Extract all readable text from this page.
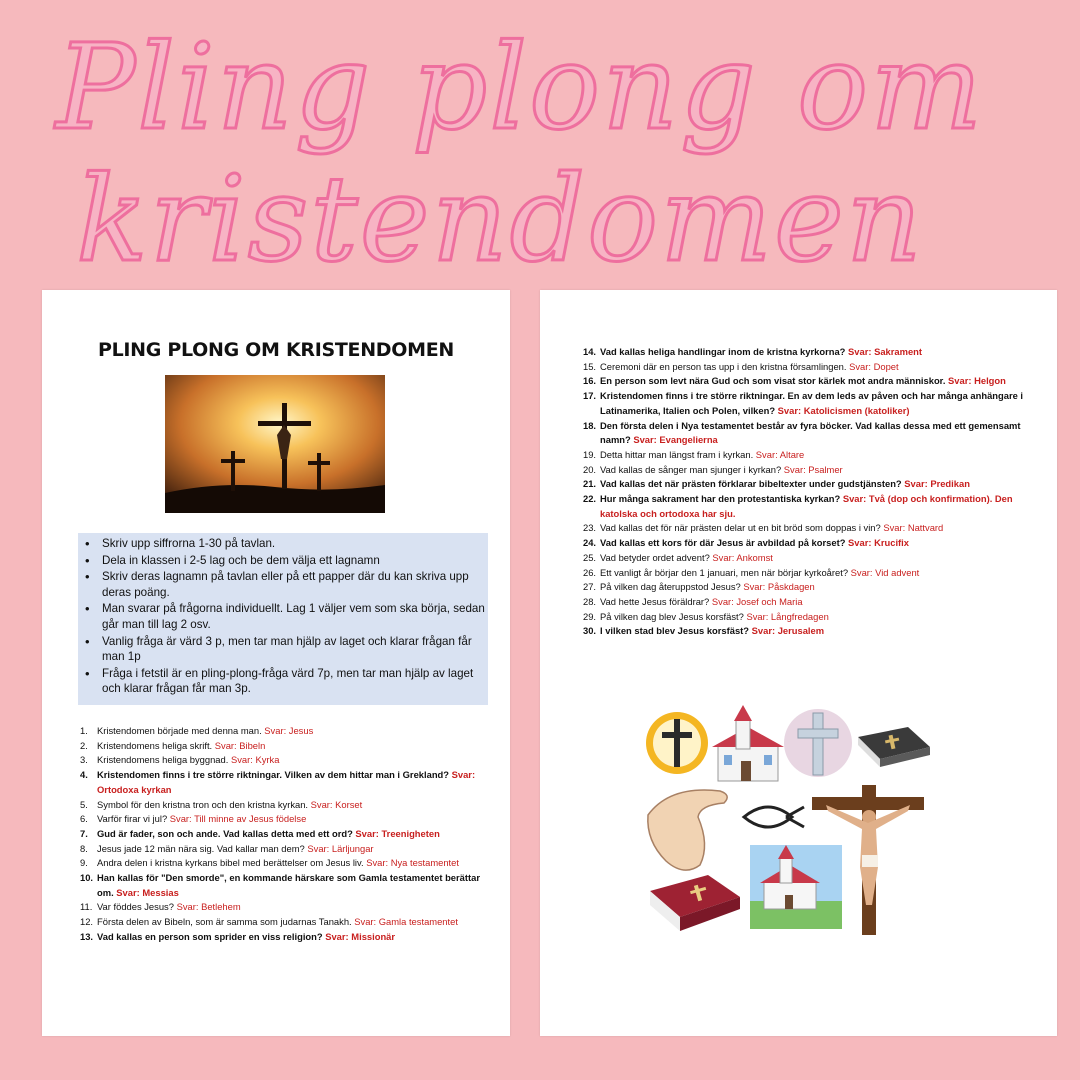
Pling plong om
kristendomen
PLING PLONG OM KRISTENDOMEN
• Skriv upp siffrorna 1-30 på tavlan.
• Dela in klassen i 2-5 lag och be dem välja ett lagnamn
• Skriv deras lagnamn på tavlan eller på ett papper där du kan skriva upp deras poäng.
• Man svarar på frågorna individuellt. Lag 1 väljer vem som ska börja, sedan går man till lag 2 osv.
• Vanlig fråga är värd 3 p, men tar man hjälp av laget och klarar frågan får man 1p
• Fråga i fetstil är en pling-plong-fråga värd 7p, men tar man hjälp av laget och klarar frågan får man 3p.
1. Kristendomen började med denna man. Svar: Jesus
2. Kristendomens heliga skrift. Svar: Bibeln
3. Kristendomens heliga byggnad. Svar: Kyrka
4. Kristendomen finns i tre större riktningar. Vilken av dem hittar man i Grekland? Svar: Ortodoxa kyrkan
5. Symbol för den kristna tron och den kristna kyrkan. Svar: Korset
6. Varför firar vi jul? Svar: Till minne av Jesus födelse
7. Gud är fader, son och ande. Vad kallas detta med ett ord? Svar: Treenigheten
8. Jesus jade 12 män nära sig. Vad kallar man dem? Svar: Lärljungar
9. Andra delen i kristna kyrkans bibel med berättelser om Jesus liv. Svar: Nya testamentet
10. Han kallas för "Den smorde", en kommande härskare som Gamla testamentet berättar om. Svar: Messias
11. Var föddes Jesus? Svar: Betlehem
12. Första delen av Bibeln, som är samma som judarnas Tanakh. Svar: Gamla testamentet
13. Vad kallas en person som sprider en viss religion? Svar: Missionär
14. Vad kallas heliga handlingar inom de kristna kyrkorna? Svar: Sakrament
15. Ceremoni där en person tas upp i den kristna församlingen. Svar: Dopet
16. En person som levt nära Gud och som visat stor kärlek mot andra människor. Svar: Helgon
17. Kristendomen finns i tre större riktningar. En av dem leds av påven och har många anhängare i Latinamerika, Italien och Polen, vilken? Svar: Katolicismen (katoliker)
18. Den första delen i Nya testamentet består av fyra böcker. Vad kallas dessa med ett gemensamt namn? Svar: Evangelierna
19. Detta hittar man längst fram i kyrkan. Svar: Altare
20. Vad kallas de sånger man sjunger i kyrkan? Svar: Psalmer
21. Vad kallas det när prästen förklarar bibeltexter under gudstjänsten? Svar: Predikan
22. Hur många sakrament har den protestantiska kyrkan? Svar: Två (dop och konfirmation). Den katolska och ortodoxa har sju.
23. Vad kallas det för när prästen delar ut en bit bröd som doppas i vin? Svar: Nattvard
24. Vad kallas ett kors för där Jesus är avbildad på korset? Svar: Krucifix
25. Vad betyder ordet advent? Svar: Ankomst
26. Ett vanligt år börjar den 1 januari, men när börjar kyrkoåret? Svar: Vid advent
27. På vilken dag återuppstod Jesus? Svar: Påskdagen
28. Vad hette Jesus föräldrar? Svar: Josef och Maria
29. På vilken dag blev Jesus korsfäst? Svar: Långfredagen
30. I vilken stad blev Jesus korsfäst? Svar: Jerusalem
